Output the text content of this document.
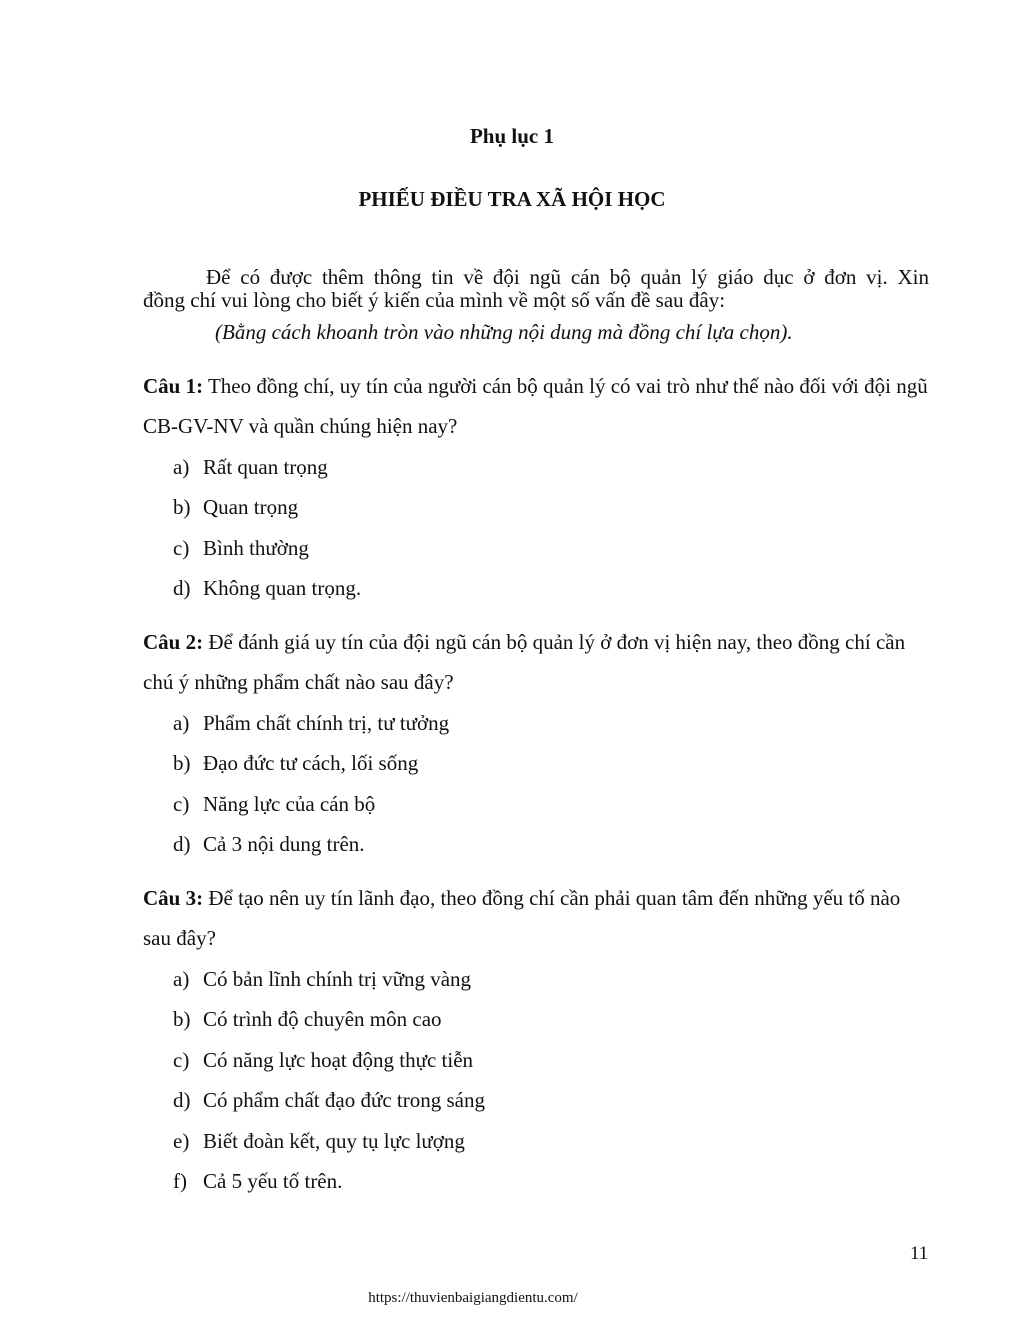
Phụ lục 1
PHIẾU ĐIỀU TRA XÃ HỘI HỌC
Để có được thêm thông tin về đội ngũ cán bộ quản lý giáo dục ở đơn vị. Xin
đồng chí vui lòng cho biết ý kiến của mình về một số vấn đề sau đây:
(Bằng cách khoanh tròn vào những nội dung mà đồng chí lựa chọn).
Câu 1: Theo đồng chí, uy tín của người cán bộ quản lý có vai trò như thế nào đối với đội ngũ CB-GV-NV và quần chúng hiện nay?
a) Rất quan trọng
b) Quan trọng
c) Bình thường
d) Không quan trọng.
Câu 2: Để đánh giá uy tín của đội ngũ cán bộ quản lý ở đơn vị hiện nay, theo đồng chí cần chú ý những phẩm chất nào sau đây?
a) Phẩm chất chính trị, tư tưởng
b) Đạo đức tư cách, lối sống
c) Năng lực của cán bộ
d) Cả 3 nội dung trên.
Câu 3: Để tạo nên uy tín lãnh đạo, theo đồng chí cần phải quan tâm đến những yếu tố nào sau đây?
a) Có bản lĩnh chính trị vững vàng
b) Có trình độ chuyên môn cao
c) Có năng lực hoạt động thực tiễn
d) Có phẩm chất đạo đức trong sáng
e) Biết đoàn kết, quy tụ lực lượng
f) Cả 5 yếu tố trên.
11
https://thuvienbaigiangdientu.com/
